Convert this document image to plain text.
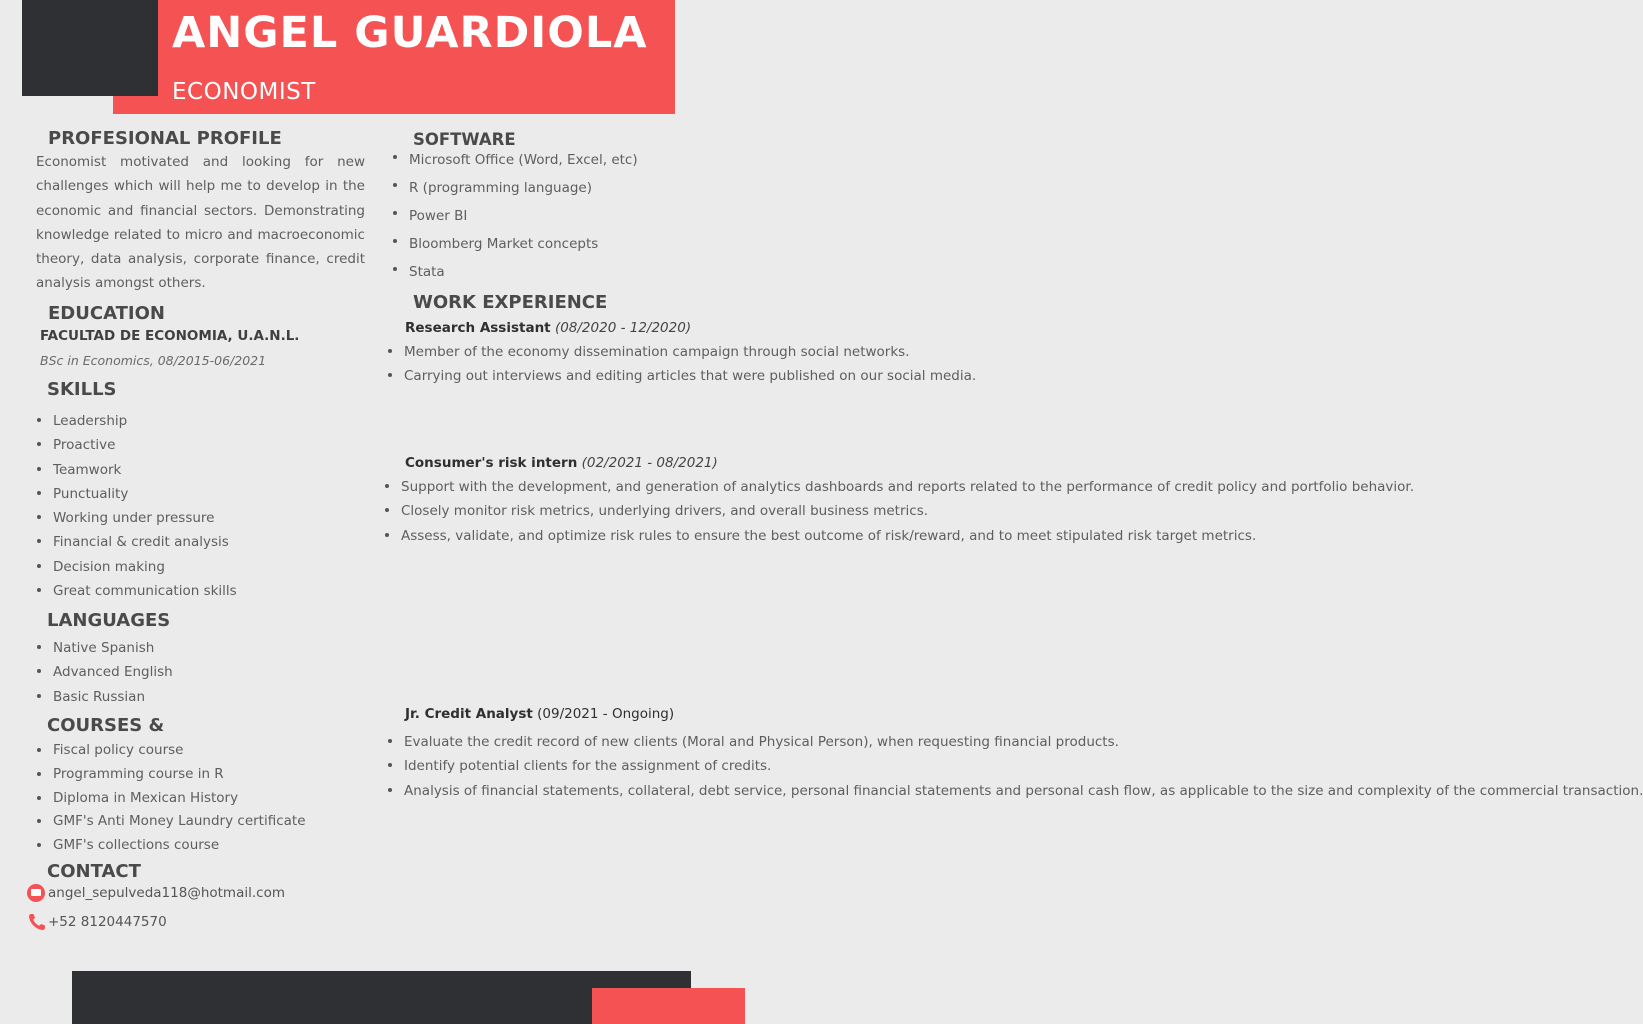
ANGEL GUARDIOLA
ECONOMIST
PROFESIONAL PROFILE
Economist motivated and looking for new challenges which will help me to develop in the economic and financial sectors. Demonstrating knowledge related to micro and macroeconomic theory, data analysis, corporate finance, credit analysis amongst others.
EDUCATION
FACULTAD DE ECONOMIA, U.A.N.L.
BSc in Economics, 08/2015-06/2021
SKILLS
Leadership
Proactive
Teamwork
Punctuality
Working under pressure
Financial & credit analysis
Decision making
Great communication skills
LANGUAGES
Native Spanish
Advanced English
Basic Russian
COURSES &
Fiscal policy course
Programming course in R
Diploma in Mexican History
GMF's Anti Money Laundry certificate
GMF's collections course
CONTACT
angel_sepulveda118@hotmail.com
+52 8120447570
SOFTWARE
Microsoft Office (Word, Excel, etc)
R (programming language)
Power BI
Bloomberg Market concepts
Stata
WORK EXPERIENCE
Research Assistant (08/2020 - 12/2020)
Member of the economy dissemination campaign through social networks.
Carrying out interviews and editing articles that were published on our social media.
Consumer's risk intern (02/2021 - 08/2021)
Support with the development, and generation of analytics dashboards and reports related to the performance of credit policy and portfolio behavior.
Closely monitor risk metrics, underlying drivers, and overall business metrics.
Assess, validate, and optimize risk rules to ensure the best outcome of risk/reward, and to meet stipulated risk target metrics.
Jr. Credit Analyst (09/2021 - Ongoing)
Evaluate the credit record of new clients (Moral and Physical Person), when requesting financial products.
Identify potential clients for the assignment of credits.
Analysis of financial statements, collateral, debt service, personal financial statements and personal cash flow, as applicable to the size and complexity of the commercial transaction.
